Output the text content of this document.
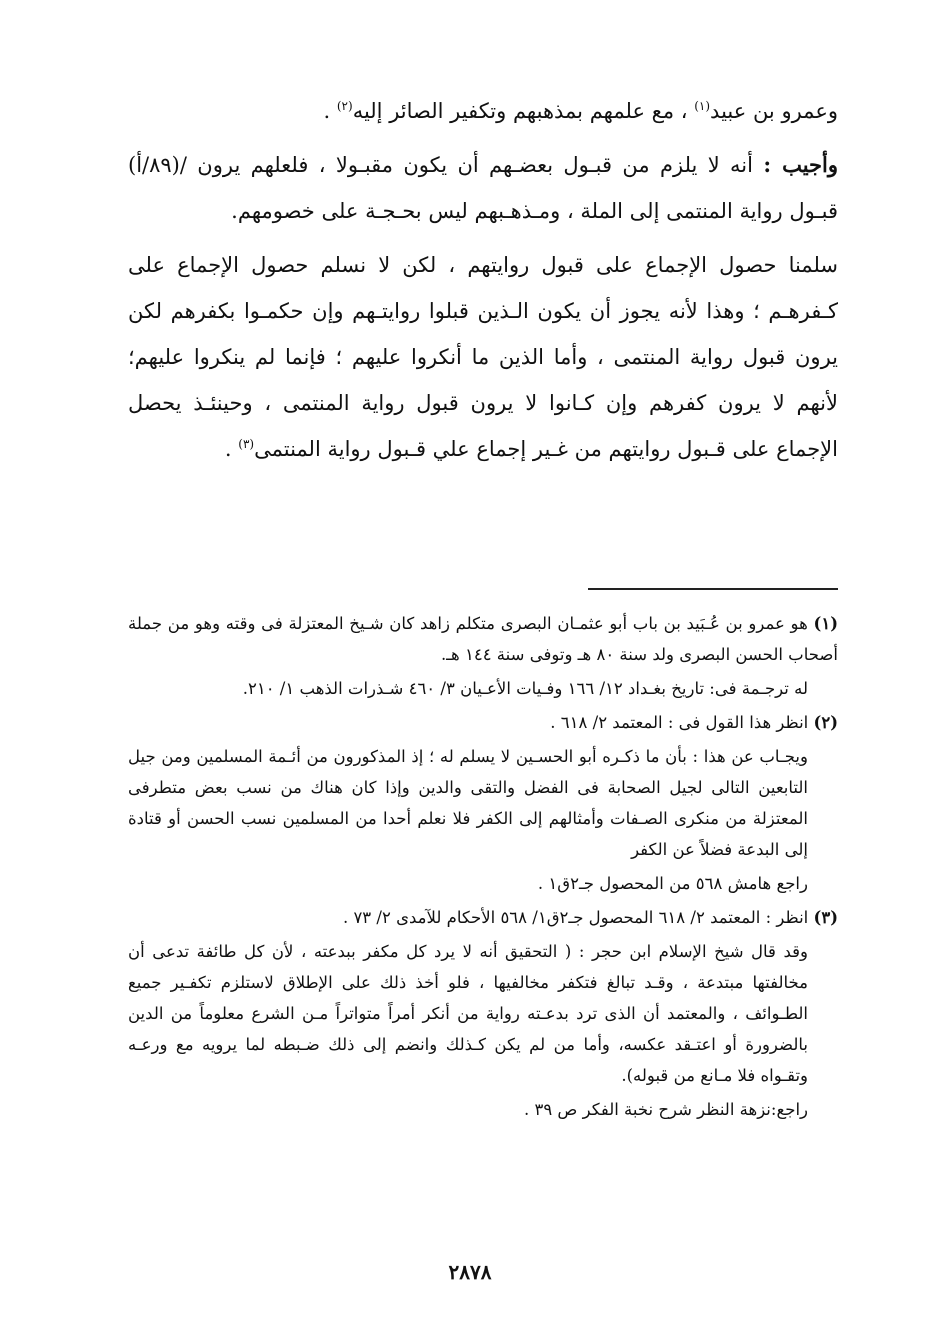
وعمرو بن عبيد$^{(١)}$ ، مع علمهم بمذهبهم وتكفير الصائر إليه$^{(٢)}$ .

وأجيب : أنه لا يلزم من قبـول بعضـهم أن يكون مقبـولا ، فلعلهم يرون /(٨٩/أ) قبـول رواية المنتمى إلى الملة ، ومـذهـبهم ليس بحـجـة على خصومهم.

سلمنا حصول الإجماع على قبول روايتهم ، لكن لا نسلم حصول الإجماع على كـفرهـم ؛ وهذا لأنه يجوز أن يكون الـذين قبلوا روايتـهم وإن حكمـوا بكفرهم لكن يرون قبول رواية المنتمى ، وأما الذين ما أنكروا عليهم ؛ فإنما لم ينكروا عليهم؛ لأنهم لا يرون كفرهم وإن كـانوا لا يرون قبول رواية المنتمى ، وحينئـذ يحصل الإجماع على قـبول روايتهم من غـير إجماع علي قـبول رواية المنتمى$^{(٣)}$ .

(١) هو عمرو بن عُـبَيد بن باب أبو عثمـان البصرى متكلم زاهد كان شـيخ المعتزلة فى وقته وهو من جملة أصحاب الحسن البصرى ولد سنة ٨٠ هـ وتوفى سنة ١٤٤ هـ.

له ترجـمة فى: تاريخ بغـداد ١٢/ ١٦٦ وفـيات الأعـيان ٣/ ٤٦٠ شـذرات الذهب ١/ ٢١٠.

(٢) انظر هذا القول فى : المعتمد ٢/ ٦١٨ .

ويجـاب عن هذا : بأن ما ذكـره أبو الحسـين لا يسلم له ؛ إذ المذكورون من أئـمة المسلمين ومن جيل التابعين التالى لجيل الصحابة فى الفضل والتقى والدين وإذا كان هناك من نسب بعض متطرفى المعتزلة من منكرى الصـفات وأمثالهم إلى الكفر فلا نعلم أحدا من المسلمين نسب الحسن أو قتادة إلى البدعة فضلاً عن الكفر

راجع هامش ٥٦٨ من المحصول جـ٢ق١ .

(٣) انظر : المعتمد ٢/ ٦١٨ المحصول جـ٢ق١/ ٥٦٨ الأحكام للآمدى ٢/ ٧٣ .

وقد قال شيخ الإسلام ابن حجر : ( التحقيق أنه لا يرد كل مكفر ببدعته ، لأن كل طائفة تدعى أن مخالفتها مبتدعة ، وقـد تبالغ فتكفر مخالفيها ، فلو أخذ ذلك على الإطلاق لاستلزم تكفـير جميع الطـوائف ، والمعتمد أن الذى ترد بدعـته رواية من أنكر أمراً متواتراً مـن الشرع معلوماً من الدين بالضرورة أو اعتـقد عكسه، وأما من لم يكن كـذلك وانضم إلى ذلك ضـبطه لما يرويه مع ورعـه وتقـواه فلا مـانع من قبوله).

راجع:نزهة النظر شرح نخبة الفكر ص ٣٩ .

٢٨٧٨
